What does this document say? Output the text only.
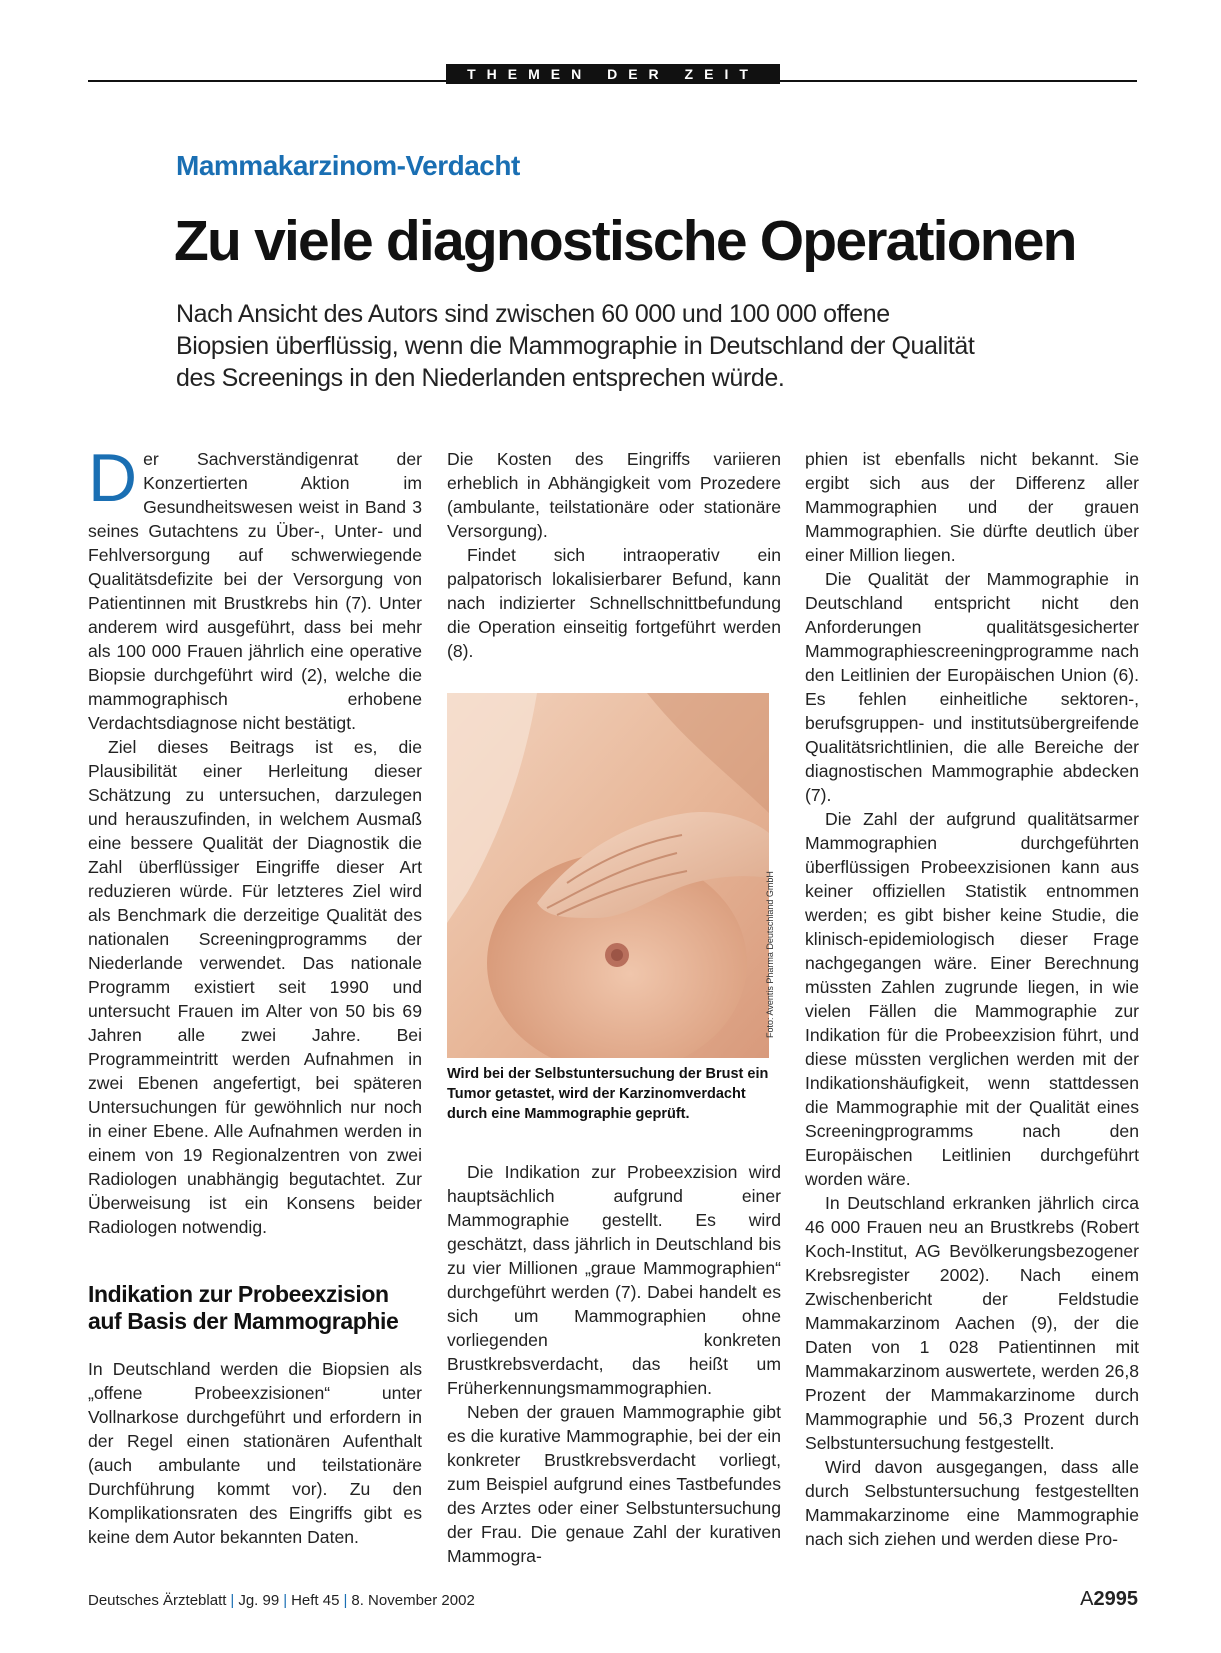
THEMEN DER ZEIT
Mammakarzinom-Verdacht
Zu viele diagnostische Operationen
Nach Ansicht des Autors sind zwischen 60 000 und 100 000 offene
Biopsien überflüssig, wenn die Mammographie in Deutschland der Qualität
des Screenings in den Niederlanden entsprechen würde.

Der Sachverständigenrat der Konzertierten Aktion im Gesundheitswesen weist in Band 3 seines Gutachtens zu Über-, Unter- und Fehlversorgung auf schwerwiegende Qualitätsdefizite bei der Versorgung von Patientinnen mit Brustkrebs hin (7). Unter anderem wird ausgeführt, dass bei mehr als 100 000 Frauen jährlich eine operative Biopsie durchgeführt wird (2), welche die mammographisch erhobene Verdachtsdiagnose nicht bestätigt.

Ziel dieses Beitrags ist es, die Plausibilität einer Herleitung dieser Schätzung zu untersuchen, darzulegen und herauszufinden, in welchem Ausmaß eine bessere Qualität der Diagnostik die Zahl überflüssiger Eingriffe dieser Art reduzieren würde. Für letzteres Ziel wird als Benchmark die derzeitige Qualität des nationalen Screeningprogramms der Niederlande verwendet. Das nationale Programm existiert seit 1990 und untersucht Frauen im Alter von 50 bis 69 Jahren alle zwei Jahre. Bei Programmeintritt werden Aufnahmen in zwei Ebenen angefertigt, bei späteren Untersuchungen für gewöhnlich nur noch in einer Ebene. Alle Aufnahmen werden in einem von 19 Regionalzentren von zwei Radiologen unabhängig begutachtet. Zur Überweisung ist ein Konsens beider Radiologen notwendig.

Indikation zur Probeexzision auf Basis der Mammographie

In Deutschland werden die Biopsien als „offene Probeexzisionen“ unter Vollnarkose durchgeführt und erfordern in der Regel einen stationären Aufenthalt (auch ambulante und teilstationäre Durchführung kommt vor). Zu den Komplikationsraten des Eingriffs gibt es keine dem Autor bekannten Daten.

Die Kosten des Eingriffs variieren erheblich in Abhängigkeit vom Prozedere (ambulante, teilstationäre oder stationäre Versorgung).

Findet sich intraoperativ ein palpatorisch lokalisierbarer Befund, kann nach indizierter Schnellschnittbefundung die Operation einseitig fortgeführt werden (8).

Foto: Aventis Pharma Deutschland GmbH
Wird bei der Selbstuntersuchung der Brust ein Tumor getastet, wird der Karzinomverdacht durch eine Mammographie geprüft.

Die Indikation zur Probeexzision wird hauptsächlich aufgrund einer Mammographie gestellt. Es wird geschätzt, dass jährlich in Deutschland bis zu vier Millionen „graue Mammographien“ durchgeführt werden (7). Dabei handelt es sich um Mammographien ohne vorliegenden konkreten Brustkrebsverdacht, das heißt um Früherkennungsmammographien.

Neben der grauen Mammographie gibt es die kurative Mammographie, bei der ein konkreter Brustkrebsverdacht vorliegt, zum Beispiel aufgrund eines Tastbefundes des Arztes oder einer Selbstuntersuchung der Frau. Die genaue Zahl der kurativen Mammogra-

phien ist ebenfalls nicht bekannt. Sie ergibt sich aus der Differenz aller Mammographien und der grauen Mammographien. Sie dürfte deutlich über einer Million liegen.

Die Qualität der Mammographie in Deutschland entspricht nicht den Anforderungen qualitätsgesicherter Mammographiescreeningprogramme nach den Leitlinien der Europäischen Union (6). Es fehlen einheitliche sektoren-, berufsgruppen- und institutsübergreifende Qualitätsrichtlinien, die alle Bereiche der diagnostischen Mammographie abdecken (7).

Die Zahl der aufgrund qualitätsarmer Mammographien durchgeführten überflüssigen Probeexzisionen kann aus keiner offiziellen Statistik entnommen werden; es gibt bisher keine Studie, die klinisch-epidemiologisch dieser Frage nachgegangen wäre. Einer Berechnung müssten Zahlen zugrunde liegen, in wie vielen Fällen die Mammographie zur Indikation für die Probeexzision führt, und diese müssten verglichen werden mit der Indikationshäufigkeit, wenn stattdessen die Mammographie mit der Qualität eines Screeningprogramms nach den Europäischen Leitlinien durchgeführt worden wäre.

In Deutschland erkranken jährlich circa 46 000 Frauen neu an Brustkrebs (Robert Koch-Institut, AG Bevölkerungsbezogener Krebsregister 2002). Nach einem Zwischenbericht der Feldstudie Mammakarzinom Aachen (9), der die Daten von 1 028 Patientinnen mit Mammakarzinom auswertete, werden 26,8 Prozent der Mammakarzinome durch Mammographie und 56,3 Prozent durch Selbstuntersuchung festgestellt.

Wird davon ausgegangen, dass alle durch Selbstuntersuchung festgestellten Mammakarzinome eine Mammographie nach sich ziehen und werden diese Pro-

Deutsches Ärzteblatt | Jg. 99 | Heft 45 | 8. November 2002	A2995
